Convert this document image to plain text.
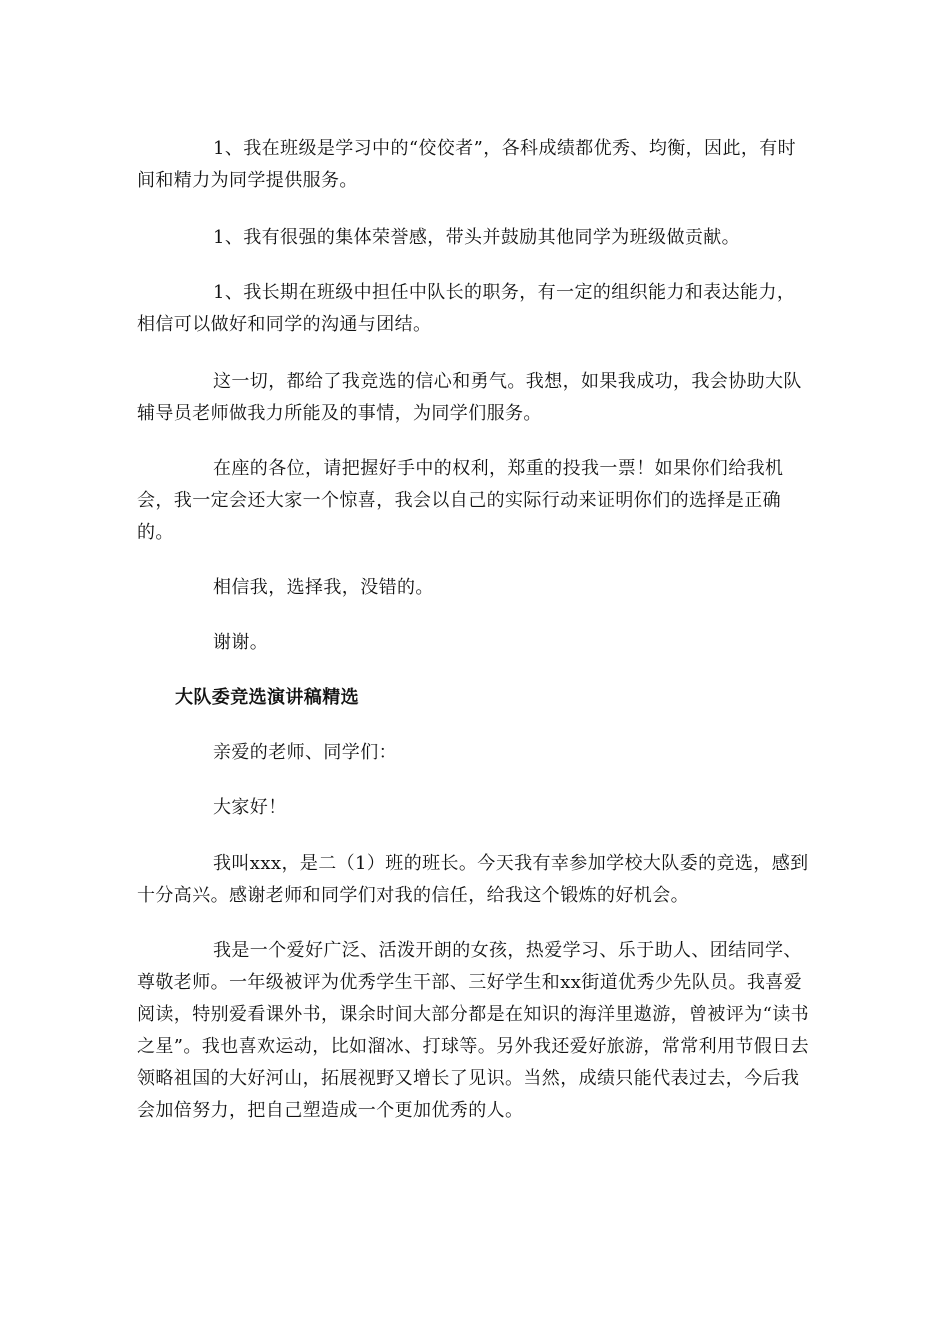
1、我在班级是学习中的“佼佼者”，各科成绩都优秀、均衡，因此，有时间和精力为同学提供服务。

1、我有很强的集体荣誉感，带头并鼓励其他同学为班级做贡献。

1、我长期在班级中担任中队长的职务，有一定的组织能力和表达能力，相信可以做好和同学的沟通与团结。

这一切，都给了我竞选的信心和勇气。我想，如果我成功，我会协助大队辅导员老师做我力所能及的事情，为同学们服务。

在座的各位，请把握好手中的权利，郑重的投我一票！如果你们给我机会，我一定会还大家一个惊喜，我会以自己的实际行动来证明你们的选择是正确的。

相信我，选择我，没错的。

谢谢。

大队委竞选演讲稿精选

亲爱的老师、同学们：

大家好！

我叫xxx，是二（1）班的班长。今天我有幸参加学校大队委的竞选，感到十分高兴。感谢老师和同学们对我的信任，给我这个锻炼的好机会。

我是一个爱好广泛、活泼开朗的女孩，热爱学习、乐于助人、团结同学、尊敬老师。一年级被评为优秀学生干部、三好学生和xx街道优秀少先队员。我喜爱阅读，特别爱看课外书，课余时间大部分都是在知识的海洋里遨游，曾被评为“读书之星”。我也喜欢运动，比如溜冰、打球等。另外我还爱好旅游，常常利用节假日去领略祖国的大好河山，拓展视野又增长了见识。当然，成绩只能代表过去，今后我会加倍努力，把自己塑造成一个更加优秀的人。
